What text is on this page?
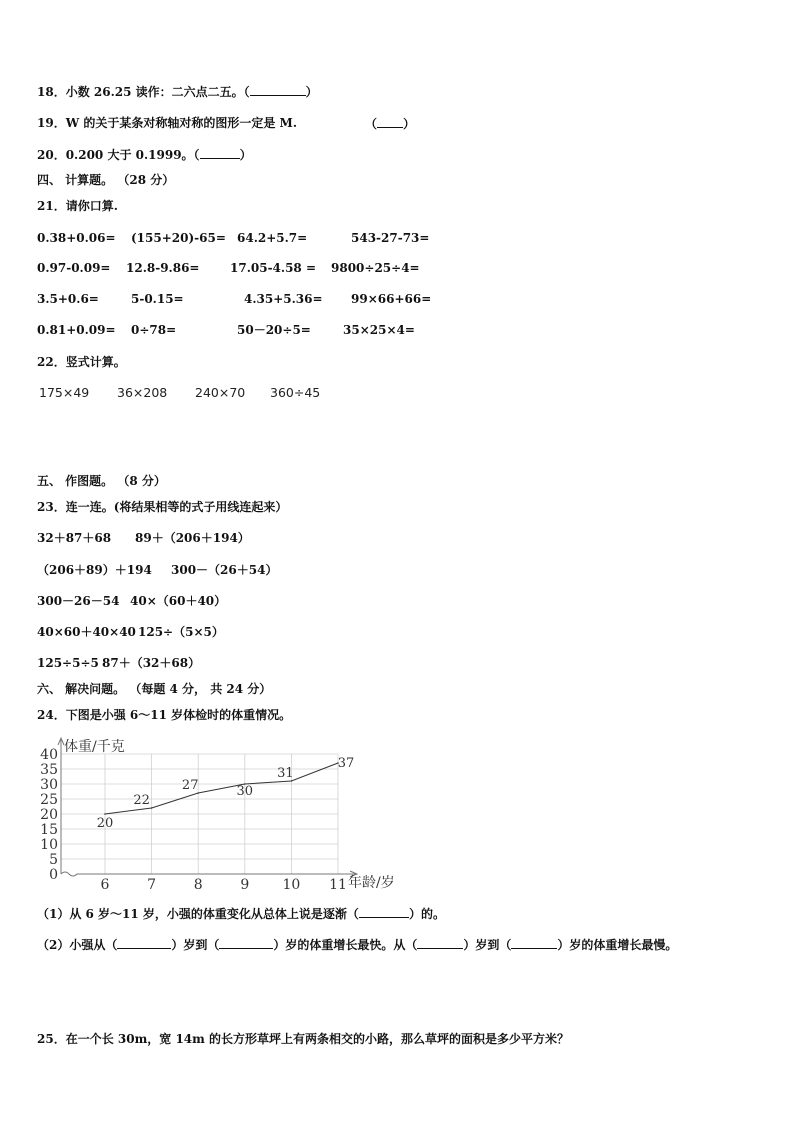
18．小数 26.25 读作：二六点二五。（	）
19．W 的关于某条对称轴对称的图形一定是 M.	（ ）
20．0.200 大于 0.1999。（	）
四、 计算题。 （28 分）
21．请你口算.
0.38+0.06= (155+20)-65= 64.2+5.7=	543-27-73=
0.97-0.09= 12.8-9.86=	17.05-4.58 = 9800÷25÷4=
3.5+0.6=	5-0.15=	4.35+5.36= 99×66+66=
0.81+0.09= 0÷78=	50－20÷5=	35×25×4=
22．竖式计算。
175×49 36×208 240×70 360÷45
五、 作图题。 （8 分）
23．连一连。(将结果相等的式子用线连起来）
32＋87＋68 89＋（206＋194）
（206＋89）＋194 300－（26＋54）
300－26－54 40×（60＋40）
40×60＋40×40 125÷（5×5）
125÷5÷5 87＋（32＋68）
六、 解决问题。 （每题 4 分， 共 24 分）
24．下图是小强 6～11 岁体检时的体重情况。
0
5
10
15
20
25
30
35
40
6	7	8	9 10 11
20
22
27	30
31
37
体重/千克
年龄/岁
（1）从 6 岁～11 岁，小强的体重变化从总体上说是逐渐（	）的。
（2）小强从（	）岁到（	）岁的体重增长最快。从（	）岁到（	）岁的体重增长最慢。
25．在一个长 30m，宽 14m 的长方形草坪上有两条相交的小路，那么草坪的面积是多少平方米？
